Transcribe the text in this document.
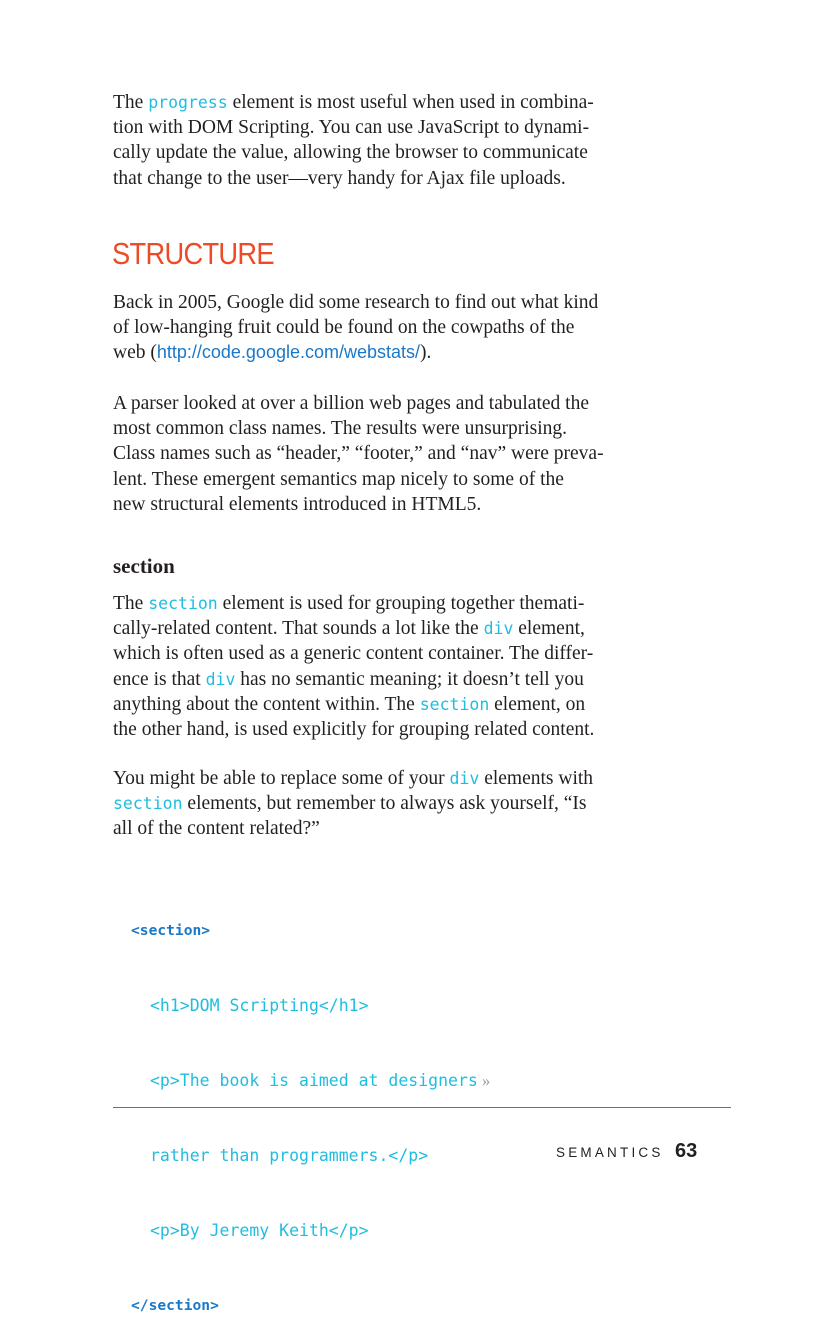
The progress element is most useful when used in combina-
tion with DOM Scripting. You can use JavaScript to dynami-
cally update the value, allowing the browser to communicate
that change to the user—very handy for Ajax file uploads.
STRUCTURE
Back in 2005, Google did some research to find out what kind
of low-hanging fruit could be found on the cowpaths of the
web (http://code.google.com/webstats/).
A parser looked at over a billion web pages and tabulated the
most common class names. The results were unsurprising.
Class names such as “header,” “footer,” and “nav” were preva-
lent. These emergent semantics map nicely to some of the
new structural elements introduced in HTML5.
section
The section element is used for grouping together themati-
cally-related content. That sounds a lot like the div element,
which is often used as a generic content container. The differ-
ence is that div has no semantic meaning; it doesn’t tell you
anything about the content within. The section element, on
the other hand, is used explicitly for grouping related content.
You might be able to replace some of your div elements with
section elements, but remember to always ask yourself, “Is
all of the content related?”

<section>

<h1>DOM Scripting</h1>

<p>The book is aimed at designers »

rather than programmers.</p>

<p>By Jeremy Keith</p>

</section>

SEMANTICS 63
